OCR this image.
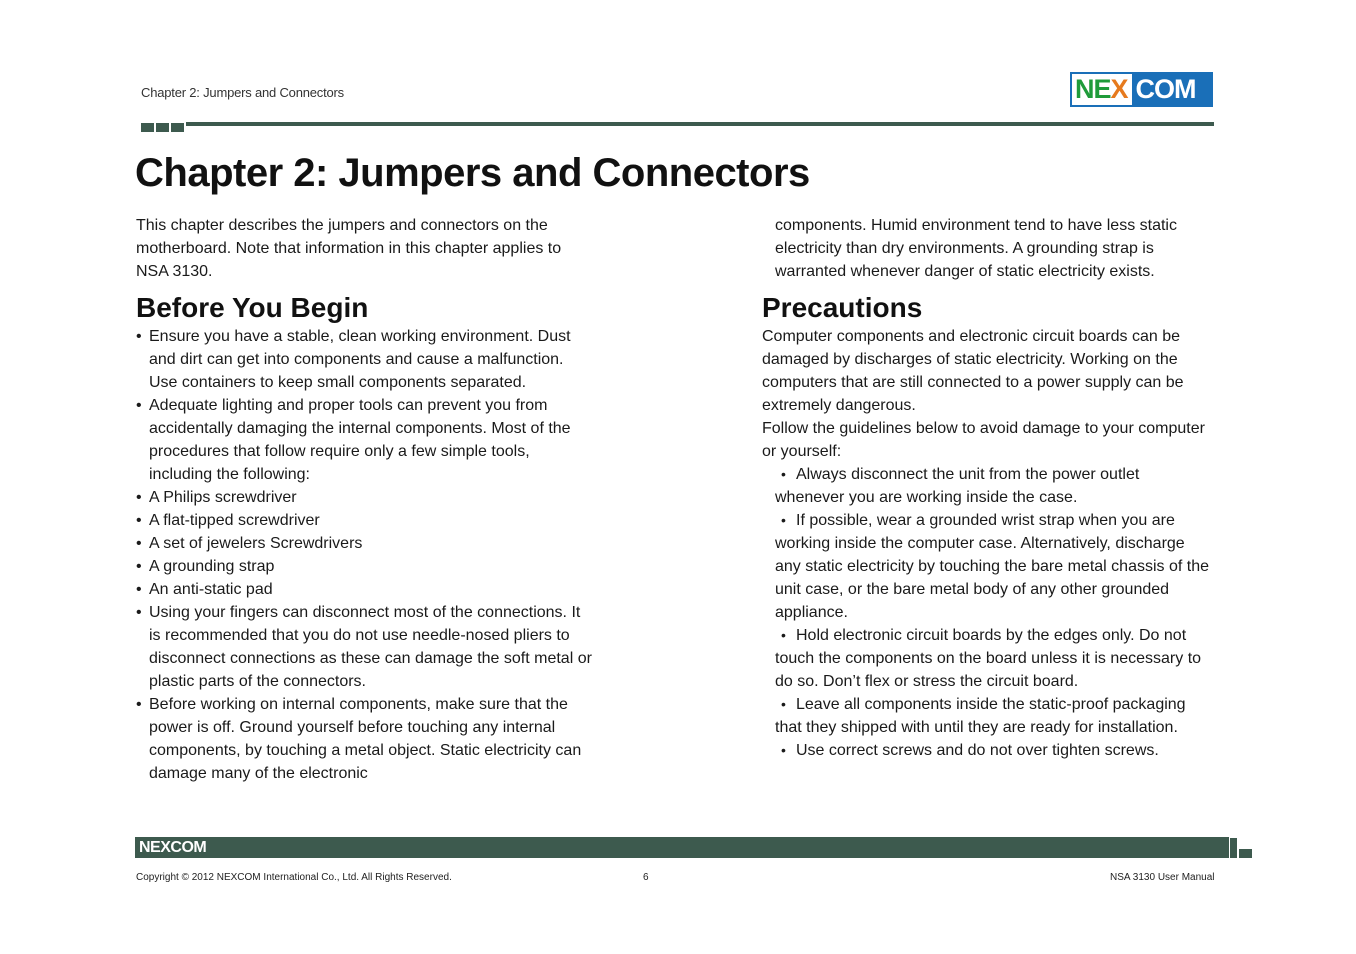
Chapter 2: Jumpers and Connectors	NE X COM
Chapter 2: Jumpers and Connectors

This chapter describes the jumpers and connectors on the motherboard. Note that information in this chapter applies to NSA 3130.

Before You Begin
• Ensure you have a stable, clean working environment. Dust and dirt can get into components and cause a malfunction. Use containers to keep small components separated.
• Adequate lighting and proper tools can prevent you from accidentally damaging the internal components. Most of the procedures that follow require only a few simple tools, including the following:
• A Philips screwdriver
• A flat-tipped screwdriver
• A set of jewelers Screwdrivers
• A grounding strap
• An anti-static pad
• Using your fingers can disconnect most of the connections. It is recommended that you do not use needle-nosed pliers to disconnect connections as these can damage the soft metal or plastic parts of the connectors.
• Before working on internal components, make sure that the power is off. Ground yourself before touching any internal components, by touching a metal object. Static electricity can damage many of the electronic

components. Humid environment tend to have less static electricity than dry environments. A grounding strap is warranted whenever danger of static electricity exists.

Precautions

Computer components and electronic circuit boards can be damaged by discharges of static electricity. Working on the computers that are still connected to a power supply can be extremely dangerous.

Follow the guidelines below to avoid damage to your computer or yourself:

• Always disconnect the unit from the power outlet whenever you are working inside the case.
• If possible, wear a grounded wrist strap when you are working inside the computer case. Alternatively, discharge any static electricity by touching the bare metal chassis of the unit case, or the bare metal body of any other grounded appliance.
• Hold electronic circuit boards by the edges only. Do not touch the components on the board unless it is necessary to do so. Don’t flex or stress the circuit board.
• Leave all components inside the static-proof packaging that they shipped with until they are ready for installation.
• Use correct screws and do not over tighten screws.
NEXCOM
Copyright © 2012 NEXCOM International Co., Ltd. All Rights Reserved.	6	NSA 3130 User Manual
